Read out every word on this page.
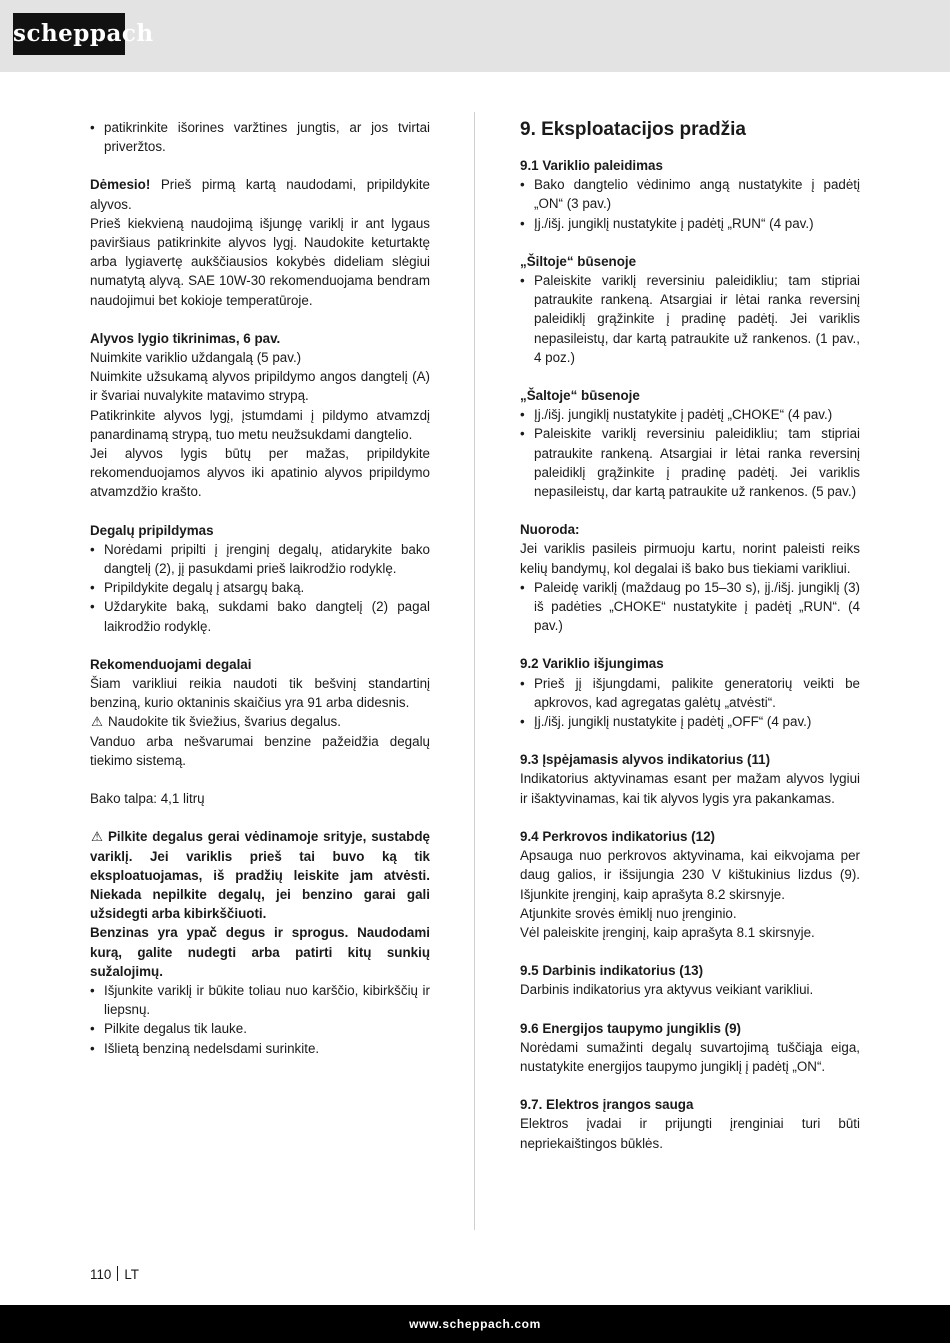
scheppach
• patikrinkite išorines varžtines jungtis, ar jos tvirtai priveržtos.

Dėmesio! Prieš pirmą kartą naudodami, pripildykite alyvos.

Prieš kiekvieną naudojimą išjungę variklį ir ant lygaus paviršiaus patikrinkite alyvos lygį. Naudokite keturtaktę arba lygiavertę aukščiausios kokybės dideliam slėgiui numatytą alyvą. SAE 10W-30 rekomenduojama bendram naudojimui bet kokioje temperatūroje.

Alyvos lygio tikrinimas, 6 pav.

Nuimkite variklio uždangalą (5 pav.)

Nuimkite užsukamą alyvos pripildymo angos dangtelį (A) ir švariai nuvalykite matavimo strypą.

Patikrinkite alyvos lygį, įstumdami į pildymo atvamzdį panardinamą strypą, tuo metu neužsukdami dangtelio.

Jei alyvos lygis būtų per mažas, pripildykite rekomenduojamos alyvos iki apatinio alyvos pripildymo atvamzdžio krašto.

Degalų pripildymas

• Norėdami pripilti į įrenginį degalų, atidarykite bako dangtelį (2), jį pasukdami prieš laikrodžio rodyklę.
• Pripildykite degalų į atsargų baką.
• Uždarykite baką, sukdami bako dangtelį (2) pagal laikrodžio rodyklę.

Rekomenduojami degalai

Šiam varikliui reikia naudoti tik bešvinį standartinį benziną, kurio oktaninis skaičius yra 91 arba didesnis.

⚠ Naudokite tik šviežius, švarius degalus.

Vanduo arba nešvarumai benzine pažeidžia degalų tiekimo sistemą.

Bako talpa: 4,1 litrų

⚠ Pilkite degalus gerai vėdinamoje srityje, sustabdę variklį. Jei variklis prieš tai buvo ką tik eksploatuojamas, iš pradžių leiskite jam atvėsti. Niekada nepilkite degalų, jei benzino garai gali užsidegti arba kibirkščiuoti.

Benzinas yra ypač degus ir sprogus. Naudodami kurą, galite nudegti arba patirti kitų sunkių sužalojimų.

• Išjunkite variklį ir būkite toliau nuo karščio, kibirkščių ir liepsnų.
• Pilkite degalus tik lauke.
• Išlietą benziną nedelsdami surinkite.

9. Eksploatacijos pradžia

9.1 Variklio paleidimas

• Bako dangtelio vėdinimo angą nustatykite į padėtį „ON“ (3 pav.)
• Įj./išj. jungiklį nustatykite į padėtį „RUN“ (4 pav.)

„Šiltoje“ būsenoje

• Paleiskite variklį reversiniu paleidikliu; tam stipriai patraukite rankeną. Atsargiai ir lėtai ranka reversinį paleidiklį grąžinkite į pradinę padėtį. Jei variklis nepasileistų, dar kartą patraukite už rankenos. (1 pav., 4 poz.)

„Šaltoje“ būsenoje

• Įj./išj. jungiklį nustatykite į padėtį „CHOKE“ (4 pav.)
• Paleiskite variklį reversiniu paleidikliu; tam stipriai patraukite rankeną. Atsargiai ir lėtai ranka reversinį paleidiklį grąžinkite į pradinę padėtį. Jei variklis nepasileistų, dar kartą patraukite už rankenos. (5 pav.)

Nuoroda:

Jei variklis pasileis pirmuoju kartu, norint paleisti reiks kelių bandymų, kol degalai iš bako bus tiekiami varikliui.

• Paleidę variklį (maždaug po 15–30 s), įj./išj. jungiklį (3) iš padėties „CHOKE“ nustatykite į padėtį „RUN“. (4 pav.)

9.2 Variklio išjungimas

• Prieš jį išjungdami, palikite generatorių veikti be apkrovos, kad agregatas galėtų „atvėsti“.
• Įj./išj. jungiklį nustatykite į padėtį „OFF“ (4 pav.)

9.3 Įspėjamasis alyvos indikatorius (11)

Indikatorius aktyvinamas esant per mažam alyvos lygiui ir išaktyvinamas, kai tik alyvos lygis yra pakankamas.

9.4 Perkrovos indikatorius (12)

Apsauga nuo perkrovos aktyvinama, kai eikvojama per daug galios, ir išsijungia 230 V kištukinius lizdus (9). Išjunkite įrenginį, kaip aprašyta 8.2 skirsnyje.

Atjunkite srovės ėmiklį nuo įrenginio.

Vėl paleiskite įrenginį, kaip aprašyta 8.1 skirsnyje.

9.5 Darbinis indikatorius (13)

Darbinis indikatorius yra aktyvus veikiant varikliui.

9.6 Energijos taupymo jungiklis (9)

Norėdami sumažinti degalų suvartojimą tuščiąja eiga, nustatykite energijos taupymo jungiklį į padėtį „ON“.

9.7. Elektros įrangos sauga

Elektros įvadai ir prijungti įrenginiai turi būti nepriekaištingos būklės.

110 LT
www.scheppach.com
